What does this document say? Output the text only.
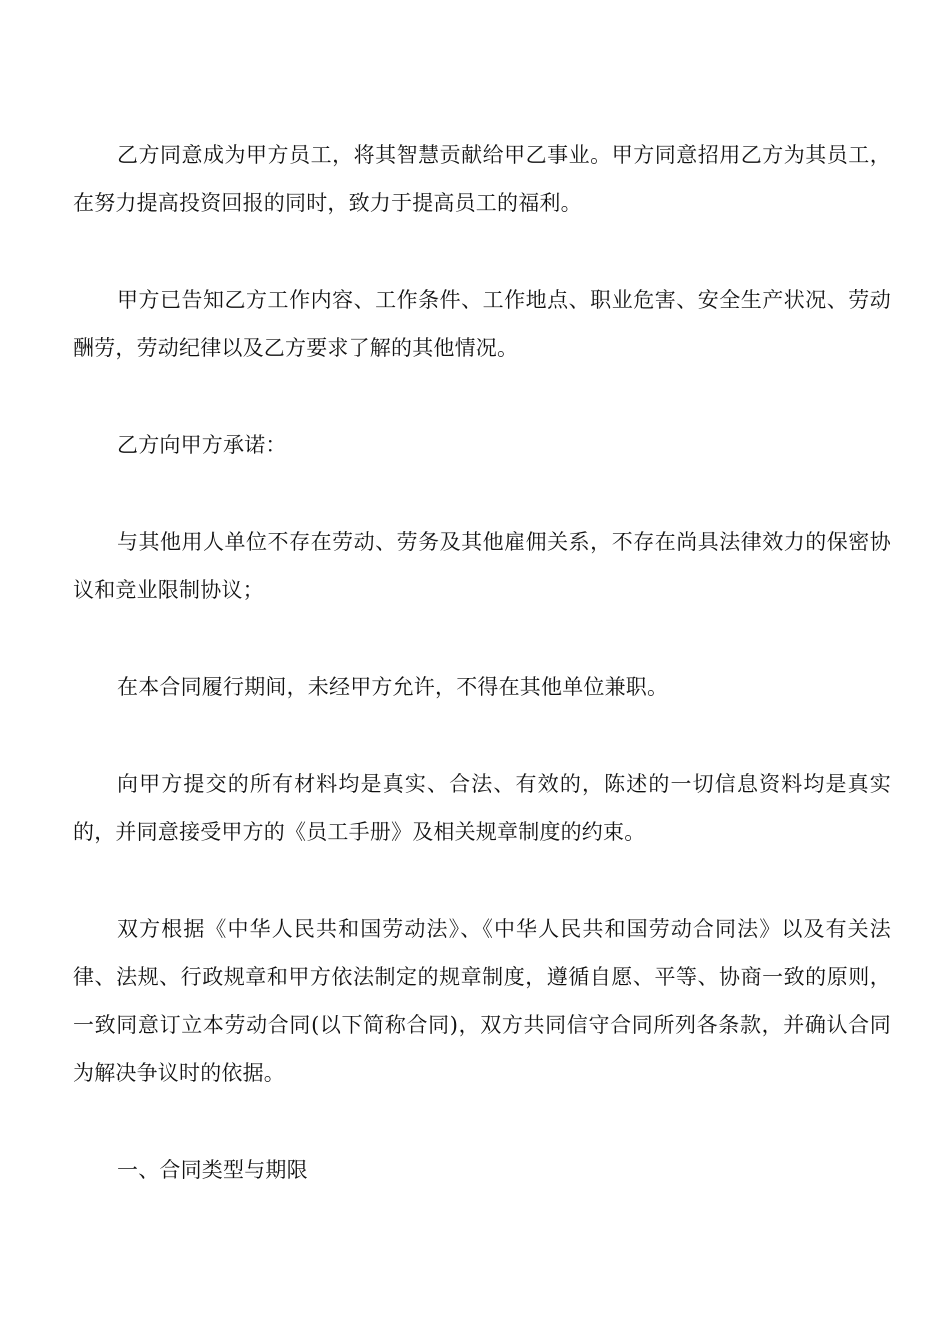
乙方同意成为甲方员工，将其智慧贡献给甲乙事业。甲方同意招用乙方为其员工，在努力提高投资回报的同时，致力于提高员工的福利。

甲方已告知乙方工作内容、工作条件、工作地点、职业危害、安全生产状况、劳动酬劳，劳动纪律以及乙方要求了解的其他情况。

乙方向甲方承诺：

与其他用人单位不存在劳动、劳务及其他雇佣关系，不存在尚具法律效力的保密协议和竞业限制协议；

在本合同履行期间，未经甲方允许，不得在其他单位兼职。

向甲方提交的所有材料均是真实、合法、有效的，陈述的一切信息资料均是真实的，并同意接受甲方的《员工手册》及相关规章制度的约束。

双方根据《中华人民共和国劳动法》、《中华人民共和国劳动合同法》以及有关法律、法规、行政规章和甲方依法制定的规章制度，遵循自愿、平等、协商一致的原则，一致同意订立本劳动合同(以下简称合同)，双方共同信守合同所列各条款，并确认合同为解决争议时的依据。

一、合同类型与期限
